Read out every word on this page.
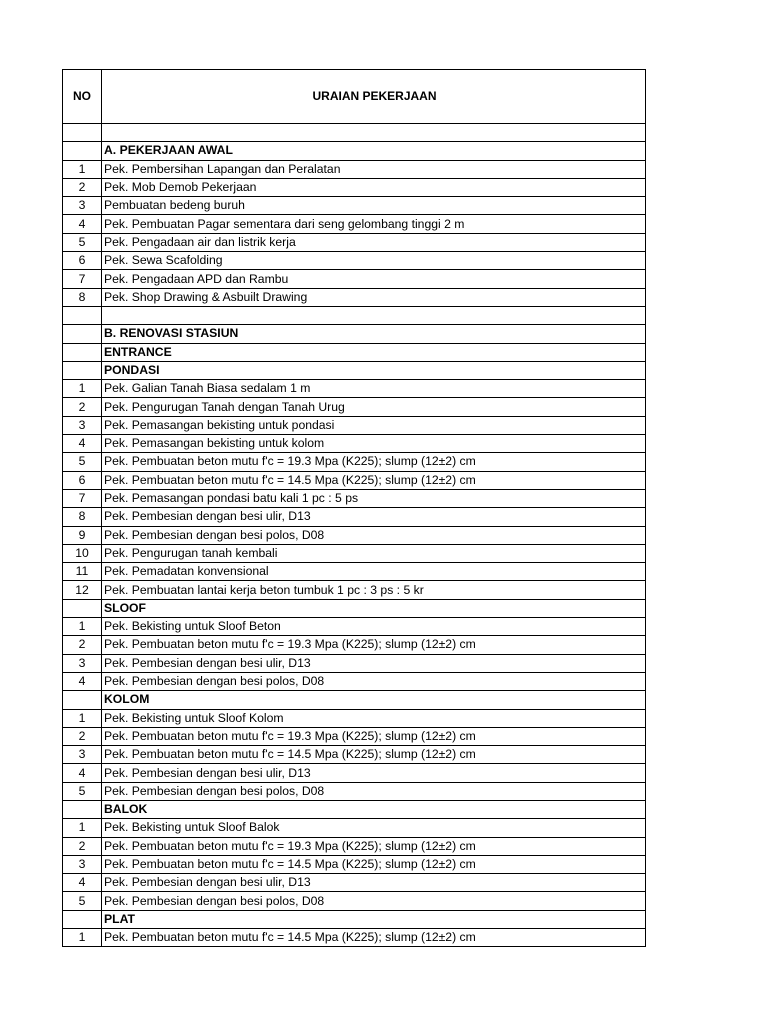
NO	URAIAN PEKERJAAN

	A. PEKERJAAN AWAL
1	Pek. Pembersihan Lapangan dan Peralatan
2	Pek. Mob Demob Pekerjaan
3	Pembuatan bedeng buruh
4	Pek. Pembuatan Pagar sementara dari seng gelombang tinggi 2 m
5	Pek. Pengadaan air dan listrik kerja
6	Pek. Sewa Scafolding
7	Pek. Pengadaan APD dan Rambu
8	Pek. Shop Drawing & Asbuilt Drawing

	B. RENOVASI STASIUN
	ENTRANCE
	PONDASI
1	Pek. Galian Tanah Biasa sedalam 1 m
2	Pek. Pengurugan Tanah dengan Tanah Urug
3	Pek. Pemasangan bekisting untuk pondasi
4	Pek. Pemasangan bekisting untuk kolom
5	Pek. Pembuatan beton mutu f'c = 19.3 Mpa (K225); slump (12±2) cm
6	Pek. Pembuatan beton mutu f'c = 14.5 Mpa (K225); slump (12±2) cm
7	Pek. Pemasangan pondasi batu kali 1 pc : 5 ps
8	Pek. Pembesian dengan besi ulir, D13
9	Pek. Pembesian dengan besi polos, D08
10	Pek. Pengurugan tanah kembali
11	Pek. Pemadatan konvensional
12	Pek. Pembuatan lantai kerja beton tumbuk 1 pc : 3 ps : 5 kr
	SLOOF
1	Pek. Bekisting untuk Sloof Beton
2	Pek. Pembuatan beton mutu f'c = 19.3 Mpa (K225); slump (12±2) cm
3	Pek. Pembesian dengan besi ulir, D13
4	Pek. Pembesian dengan besi polos, D08
	KOLOM
1	Pek. Bekisting untuk Sloof Kolom
2	Pek. Pembuatan beton mutu f'c = 19.3 Mpa (K225); slump (12±2) cm
3	Pek. Pembuatan beton mutu f'c = 14.5 Mpa (K225); slump (12±2) cm
4	Pek. Pembesian dengan besi ulir, D13
5	Pek. Pembesian dengan besi polos, D08
	BALOK
1	Pek. Bekisting untuk Sloof Balok
2	Pek. Pembuatan beton mutu f'c = 19.3 Mpa (K225); slump (12±2) cm
3	Pek. Pembuatan beton mutu f'c = 14.5 Mpa (K225); slump (12±2) cm
4	Pek. Pembesian dengan besi ulir, D13
5	Pek. Pembesian dengan besi polos, D08
	PLAT
1	Pek. Pembuatan beton mutu f'c = 14.5 Mpa (K225); slump (12±2) cm
